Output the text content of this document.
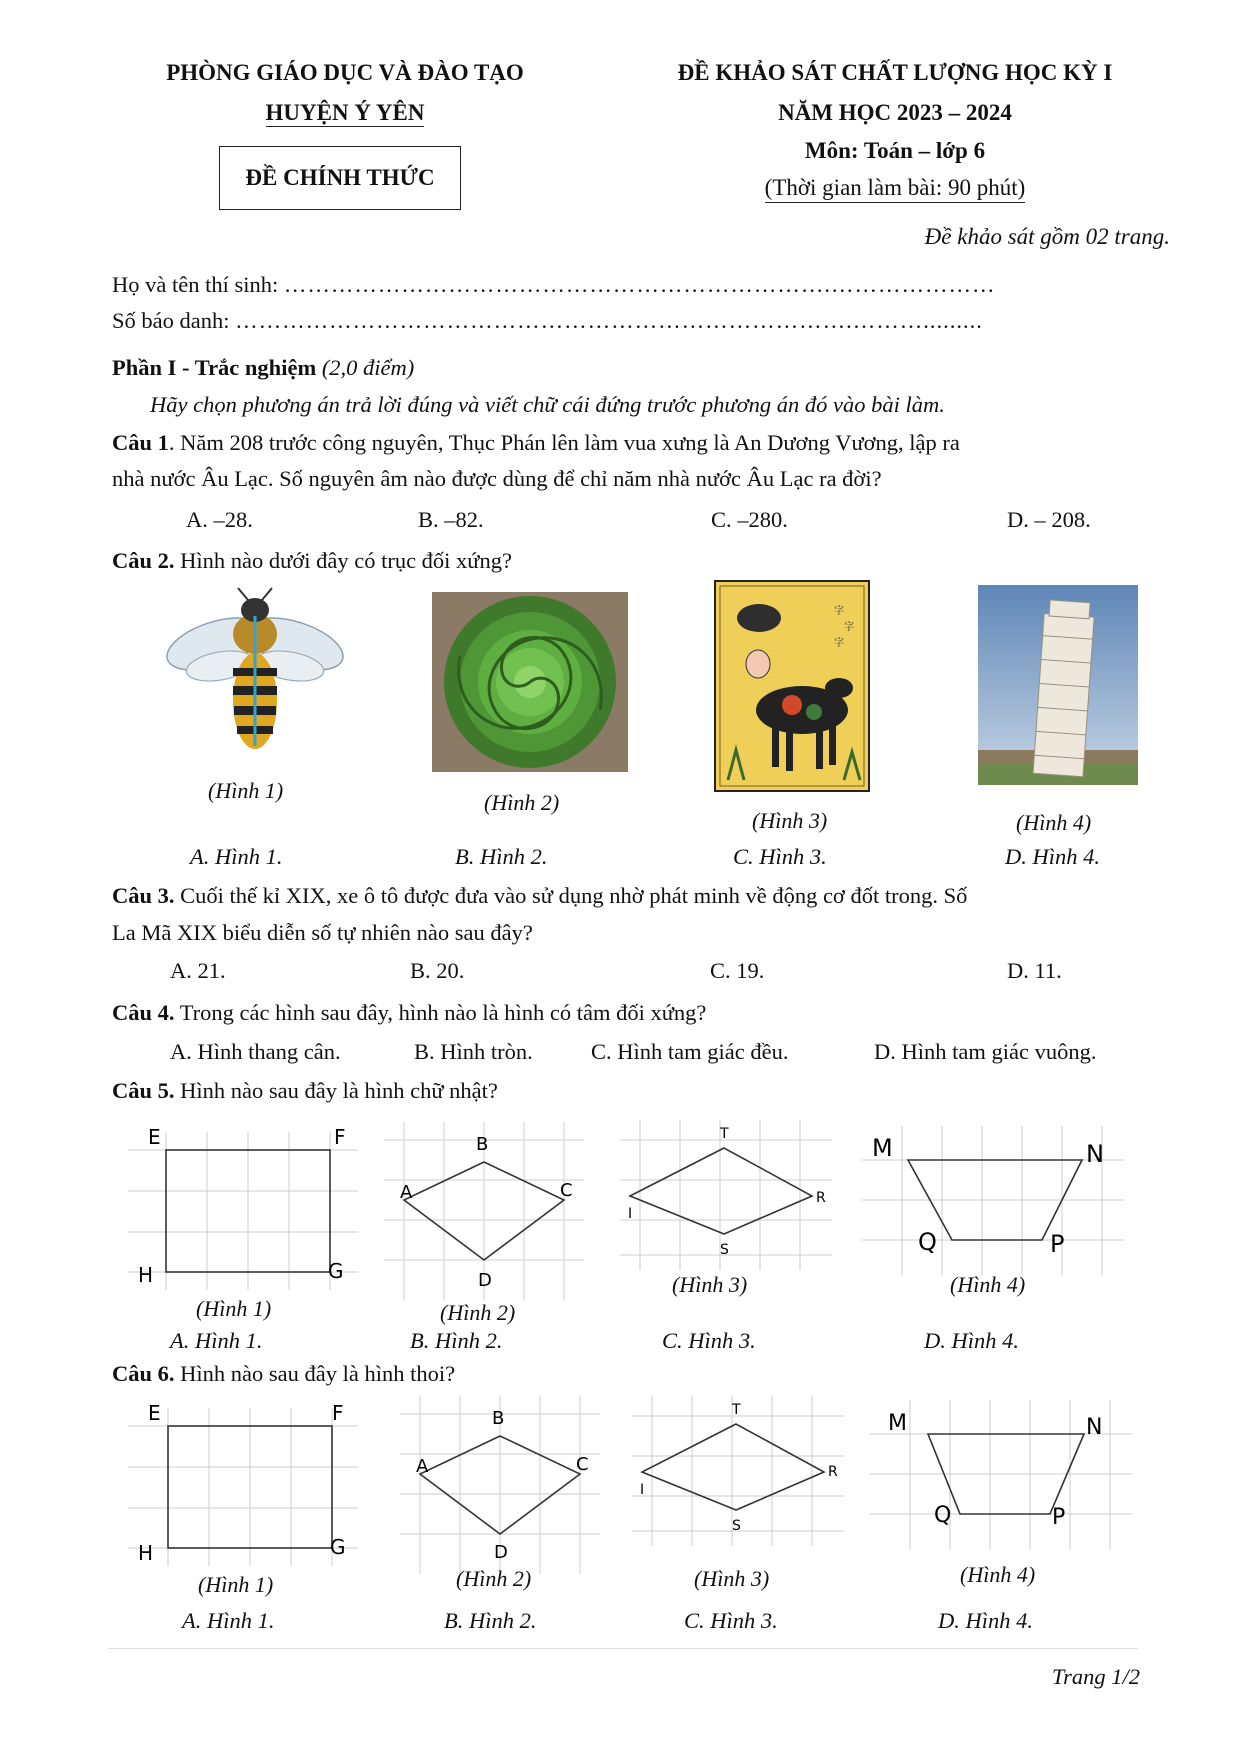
PHÒNG GIÁO DỤC VÀ ĐÀO TẠO
HUYỆN Ý YÊN
ĐỀ CHÍNH THỨC
ĐỀ KHẢO SÁT CHẤT LƯỢNG HỌC KỲ I
NĂM HỌC 2023 – 2024
Môn: Toán – lớp 6
(Thời gian làm bài: 90 phút)
Đề khảo sát gồm 02 trang.
Họ và tên thí sinh: …………………………………………………………….…………………
Số báo danh: …………………………………………………………………….……….........
Phần I - Trắc nghiệm (2,0 điểm)
Hãy chọn phương án trả lời đúng và viết chữ cái đứng trước phương án đó vào bài làm.
Câu 1. Năm 208 trước công nguyên, Thục Phán lên làm vua xưng là An Dương Vương, lập ra
nhà nước Âu Lạc. Số nguyên âm nào được dùng để chỉ năm nhà nước Âu Lạc ra đời?
A. –28.	B. –82.	C. –280.	D. – 208.
Câu 2. Hình nào dưới đây có trục đối xứng?
(Hình 1)	(Hình 2)
字
字
字
(Hình 3)	(Hình 4)
A. Hình 1.	B. Hình 2.	C. Hình 3.	D. Hình 4.
Câu 3. Cuối thế kỉ XIX, xe ô tô được đưa vào sử dụng nhờ phát minh về động cơ đốt trong. Số
La Mã XIX biểu diễn số tự nhiên nào sau đây?
A. 21.	B. 20.	C. 19.	D. 11.
Câu 4. Trong các hình sau đây, hình nào là hình có tâm đối xứng?
A. Hình thang cân.	B. Hình tròn.	C. Hình tam giác đều.	D. Hình tam giác vuông.
Câu 5. Hình nào sau đây là hình chữ nhật?
E	F
H	G
(Hình 1)
B
A	C
D
(Hình 2)
T
I
R
S
(Hình 3)
M	N
Q	P
(Hình 4)
A. Hình 1.	B. Hình 2.	C. Hình 3.	D. Hình 4.
Câu 6. Hình nào sau đây là hình thoi?
E	F
H	G
(Hình 1)
B
A	C
D
(Hình 2)
T
I
R
S
(Hình 3)
M	N
Q	P
(Hình 4)
A. Hình 1.	B. Hình 2.	C. Hình 3.	D. Hình 4.
Trang 1/2
